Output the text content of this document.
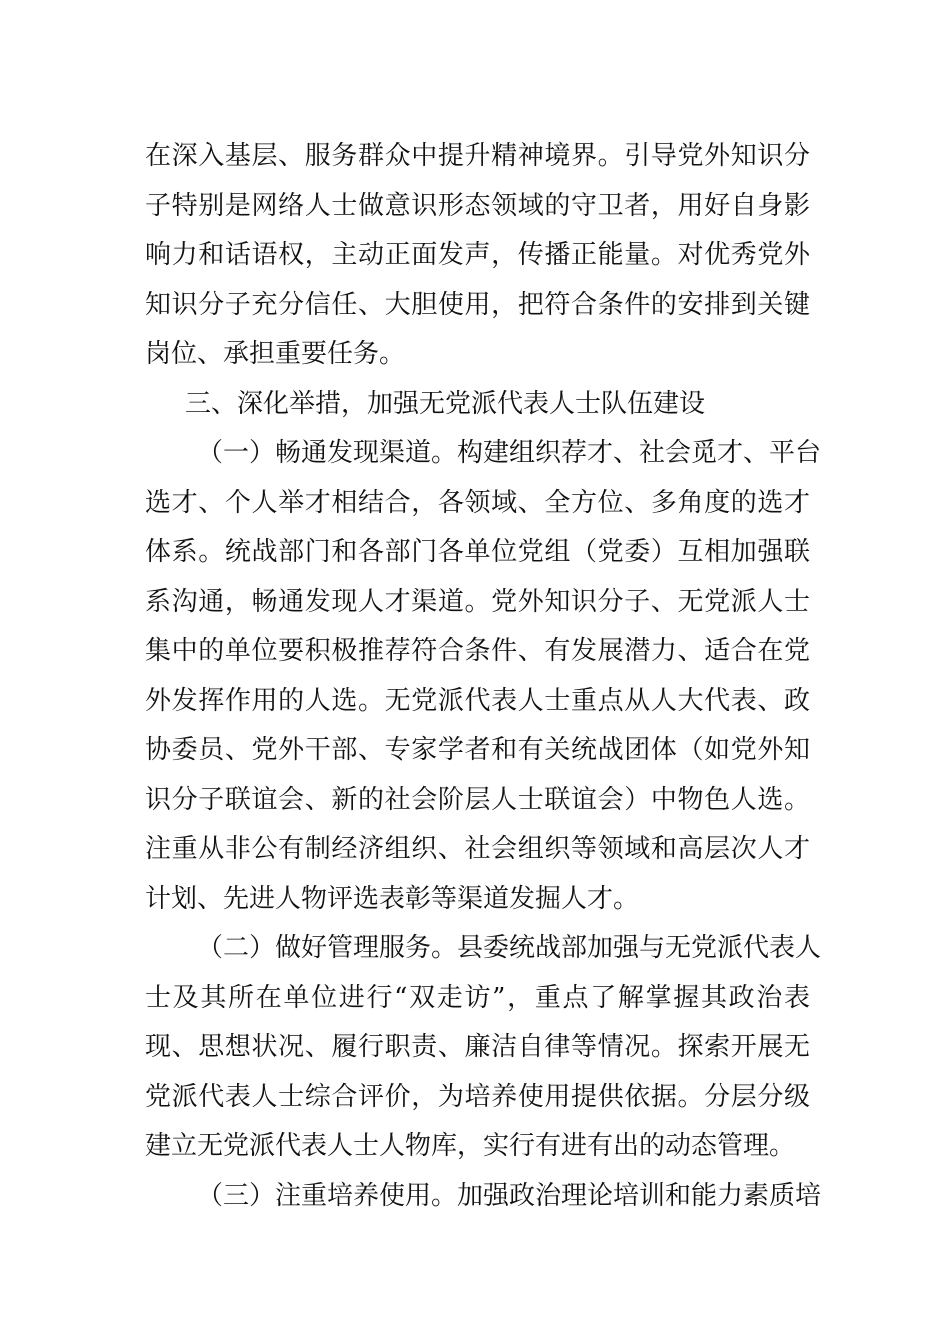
在深入基层、服务群众中提升精神境界。引导党外知识分
子特别是网络人士做意识形态领域的守卫者，用好自身影
响力和话语权，主动正面发声，传播正能量。对优秀党外
知识分子充分信任、大胆使用，把符合条件的安排到关键
岗位、承担重要任务。
三、深化举措，加强无党派代表人士队伍建设
（一）畅通发现渠道。构建组织荐才、社会觅才、平台
选才、个人举才相结合，各领域、全方位、多角度的选才
体系。统战部门和各部门各单位党组（党委）互相加强联
系沟通，畅通发现人才渠道。党外知识分子、无党派人士
集中的单位要积极推荐符合条件、有发展潜力、适合在党
外发挥作用的人选。无党派代表人士重点从人大代表、政
协委员、党外干部、专家学者和有关统战团体（如党外知
识分子联谊会、新的社会阶层人士联谊会）中物色人选。
注重从非公有制经济组织、社会组织等领域和高层次人才
计划、先进人物评选表彰等渠道发掘人才。
（二）做好管理服务。县委统战部加强与无党派代表人
士及其所在单位进行“双走访”，重点了解掌握其政治表
现、思想状况、履行职责、廉洁自律等情况。探索开展无
党派代表人士综合评价，为培养使用提供依据。分层分级
建立无党派代表人士人物库，实行有进有出的动态管理。
（三）注重培养使用。加强政治理论培训和能力素质培
